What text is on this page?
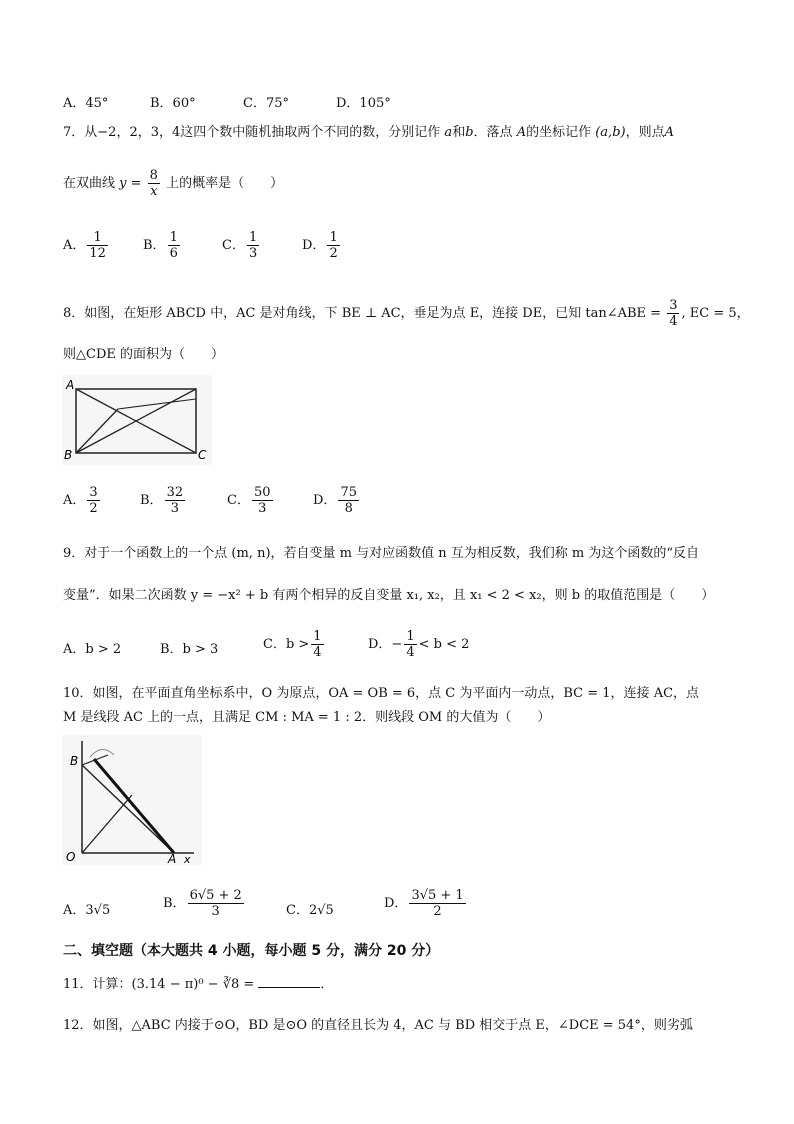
A．45°	B．60°	C．75°	D．105°
7．从−2，2，3，4这四个数中随机抽取两个不同的数，分别记作 a和b．落点 A的坐标记作 (a,b)，则点A
在双曲线 $y = \frac{8}{x}$ 上的概率是（　　）
A． $\frac{1}{12}$	B． $\frac{1}{6}$	C． $\frac{1}{3}$	D． $\frac{1}{2}$
8．如图，在矩形 ABCD 中，AC 是对角线，下 BE ⊥ AC，垂足为点 E，连接 DE，已知 tan∠ABE = $\frac{3}{4}$ , EC = 5，
则△CDE 的面积为（　　）
A
B	C
A． $\frac{3}{2}$	B． $\frac{32}{3}$	C． $\frac{50}{3}$	D． $\frac{75}{8}$
9．对于一个函数上的一个点 (m, n)，若自变量 m 与对应函数值 n 互为相反数，我们称 m 为这个函数的“反自
变量”．如果二次函数 y = −x² + b 有两个相异的反自变量 x₁, x₂，且 x₁ < 2 < x₂，则 b 的取值范围是（　　）
A．b > 2	B．b > 3	C．$b > \frac{1}{4}$	D．− $\frac{1}{4} < b < 2$
10．如图，在平面直角坐标系中，O 为原点，OA = OB = 6，点 C 为平面内一动点，BC = 1，连接 AC，点
M 是线段 AC 上的一点，且满足 CM : MA = 1 : 2．则线段 OM 的大值为（　　）
B
O	A x
A．3√5	B． $\frac{6√5 + 2}{3}$	C．2√5	D． $\frac{3√5 + 1}{2}$
二、填空题（本大题共 4 小题，每小题 5 分，满分 20 分）
11．计算：(3.14 − π)⁰ − ∛8 =	．
12．如图，△ABC 内接于⊙O，BD 是⊙O 的直径且长为 4，AC 与 BD 相交于点 E，∠DCE = 54°，则劣弧
